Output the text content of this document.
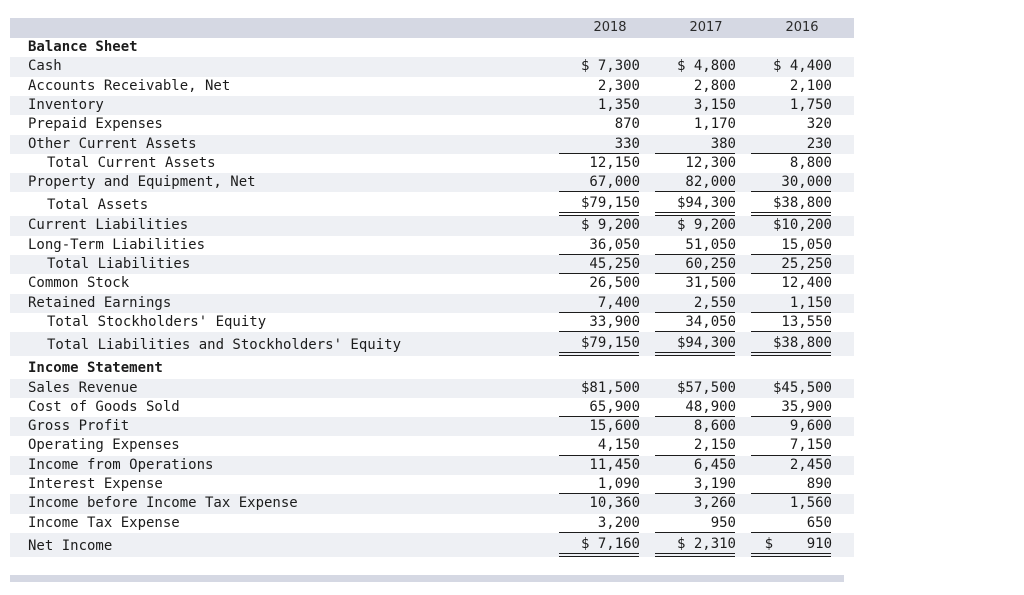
2018	2017	2016
Balance Sheet
Cash	$ 7,300	$ 4,800	$ 4,400
Accounts Receivable, Net	2,300	2,800	2,100
Inventory	1,350	3,150	1,750
Prepaid Expenses	870	1,170	320
Other Current Assets	330	380	230
Total Current Assets	12,150	12,300	8,800
Property and Equipment, Net	67,000	82,000	30,000
Total Assets	$79,150	$94,300	$38,800
Current Liabilities	$ 9,200	$ 9,200	$10,200
Long-Term Liabilities	36,050	51,050	15,050
Total Liabilities	45,250	60,250	25,250
Common Stock	26,500	31,500	12,400
Retained Earnings	7,400	2,550	1,150
Total Stockholders' Equity	33,900	34,050	13,550
Total Liabilities and Stockholders' Equity	$79,150	$94,300	$38,800
Income Statement
Sales Revenue	$81,500	$57,500	$45,500
Cost of Goods Sold	65,900	48,900	35,900
Gross Profit	15,600	8,600	9,600
Operating Expenses	4,150	2,150	7,150
Income from Operations	11,450	6,450	2,450
Interest Expense	1,090	3,190	890
Income before Income Tax Expense	10,360	3,260	1,560
Income Tax Expense	3,200	950	650
Net Income	$ 7,160	$ 2,310 $    910
